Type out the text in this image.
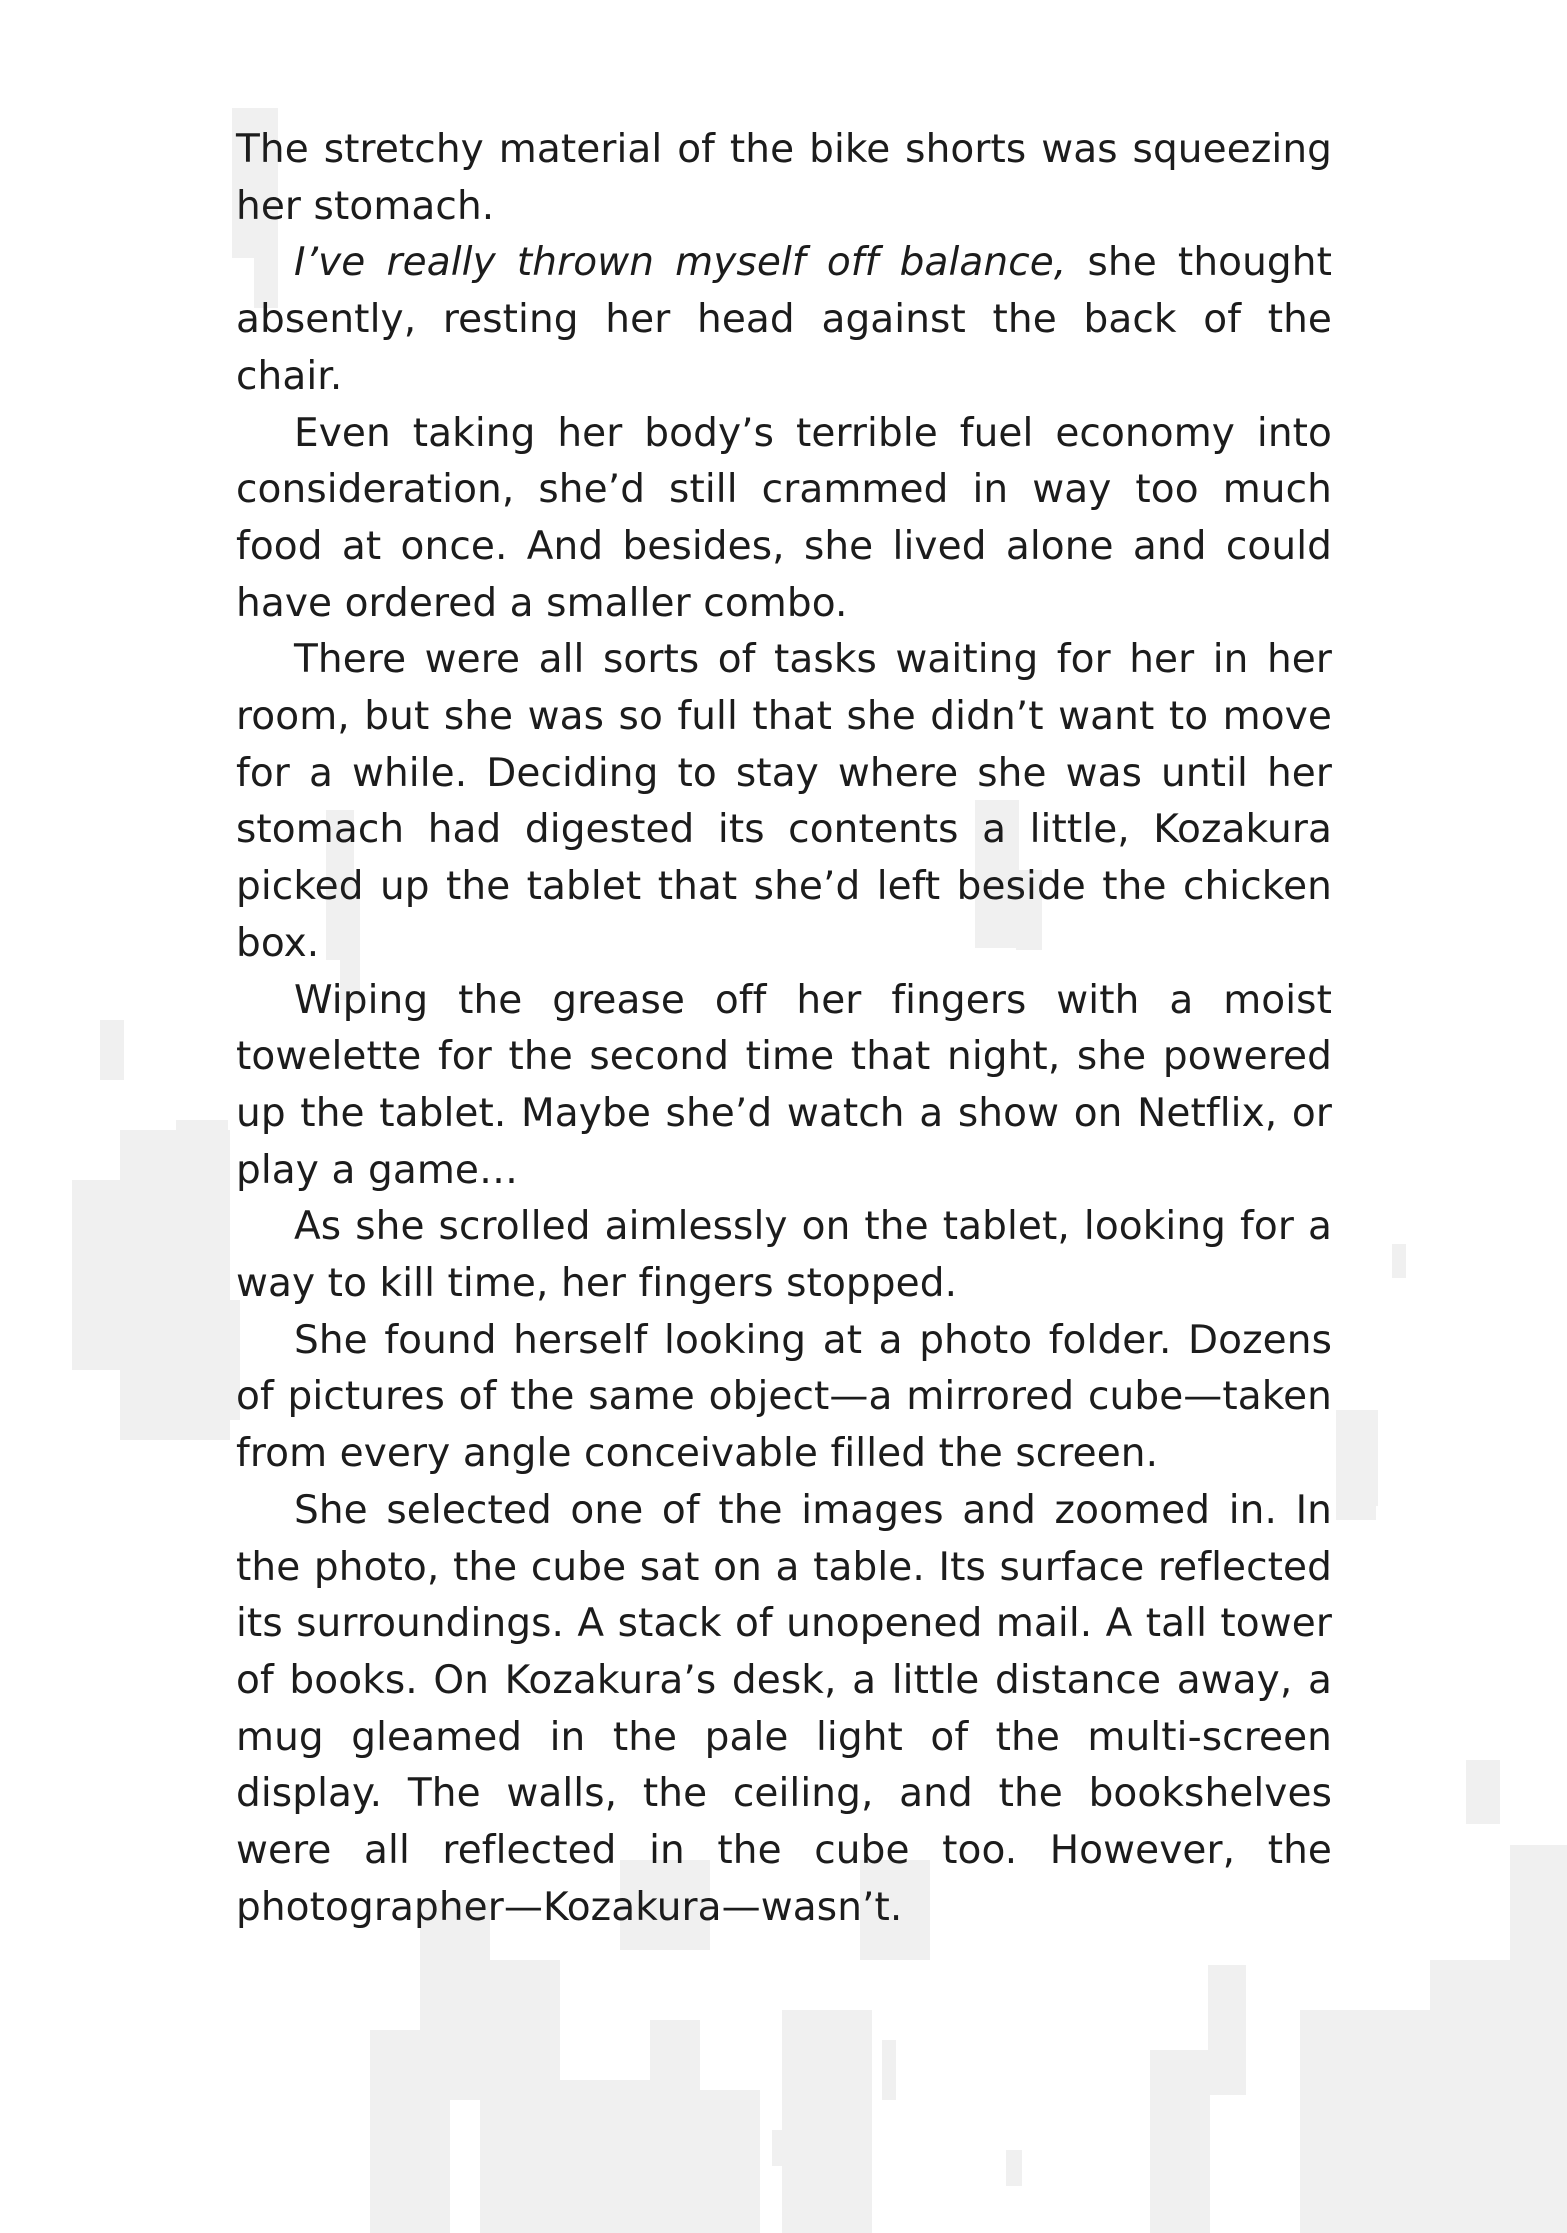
The stretchy material of the bike shorts was squeezing her stomach.

I’ve really thrown myself off balance, she thought absently, resting her head against the back of the chair.

Even taking her body’s terrible fuel economy into consideration, she’d still crammed in way too much food at once. And besides, she lived alone and could have ordered a smaller combo.

There were all sorts of tasks waiting for her in her room, but she was so full that she didn’t want to move for a while. Deciding to stay where she was until her stomach had digested its contents a little, Kozakura picked up the tablet that she’d left beside the chicken box.

Wiping the grease off her fingers with a moist towelette for the second time that night, she powered up the tablet. Maybe she’d watch a show on Netflix, or play a game…

As she scrolled aimlessly on the tablet, looking for a way to kill time, her fingers stopped.

She found herself looking at a photo folder. Dozens of pictures of the same object—a mirrored cube—taken from every angle conceivable filled the screen.

She selected one of the images and zoomed in. In the photo, the cube sat on a table. Its surface reflected its surroundings. A stack of unopened mail. A tall tower of books. On Kozakura’s desk, a little distance away, a mug gleamed in the pale light of the multi-screen display. The walls, the ceiling, and the bookshelves were all reflected in the cube too. However, the photographer—Kozakura—wasn’t.
